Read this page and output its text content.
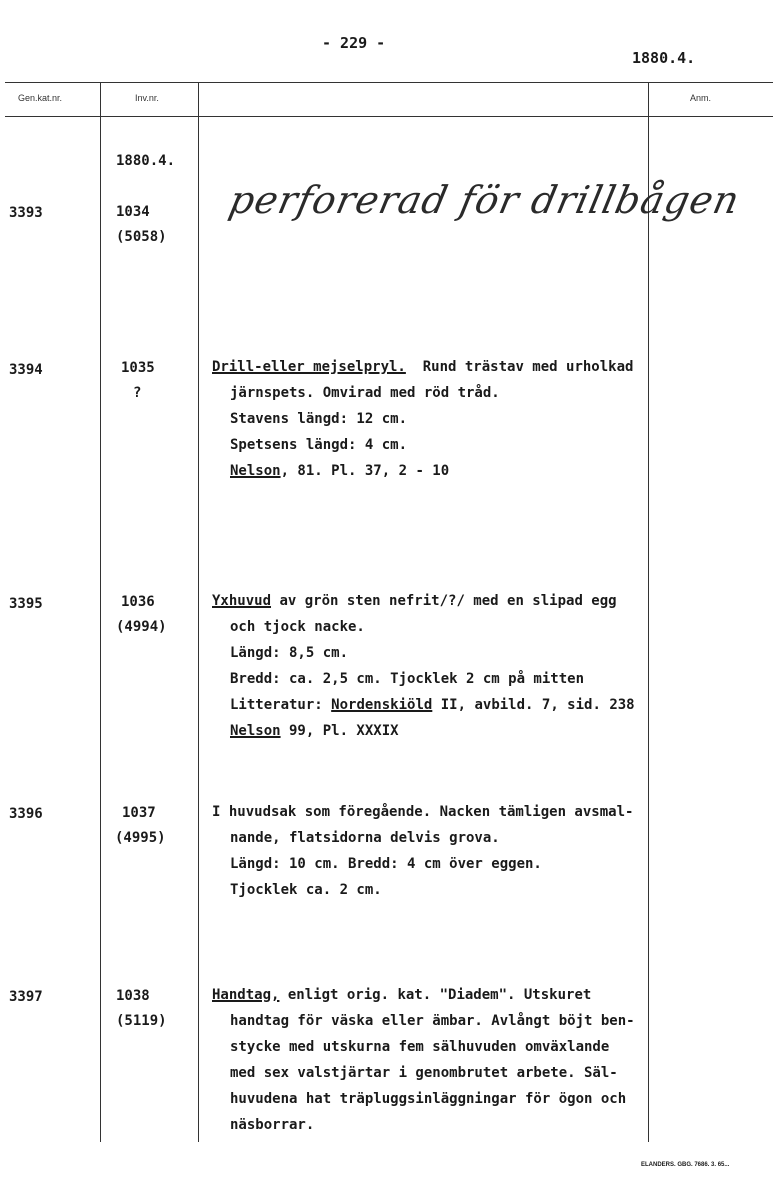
- 229 -
1880.4.
Gen.kat.nr.	Inv.nr.	Anm.
1880.4.
3393	1034
(5058)
perforerad för drillbågen
3394	1035
?
Drill-eller mejselpryl. Rund trästav med urholkad
järnspets. Omvirad med röd tråd.
Stavens längd: 12 cm.
Spetsens längd: 4 cm.
Nelson, 81. Pl. 37, 2 - 10
3395	1036
(4994)
Yxhuvud av grön sten nefrit/?/ med en slipad egg
och tjock nacke.
Längd: 8,5 cm.
Bredd: ca. 2,5 cm. Tjocklek 2 cm på mitten
Litteratur: Nordenskiöld II, avbild. 7, sid. 238
Nelson 99, Pl. XXXIX
3396	1037
(4995)
I huvudsak som föregående. Nacken tämligen avsmal-
nande, flatsidorna delvis grova.
Längd: 10 cm. Bredd: 4 cm över eggen.
Tjocklek ca. 2 cm.
3397	1038
(5119)
Handtag, enligt orig. kat. "Diadem". Utskuret
handtag för väska eller ämbar. Avlångt böjt ben-
stycke med utskurna fem sälhuvuden omväxlande
med sex valstjärtar i genombrutet arbete. Säl-
huvudena hat träpluggsinläggningar för ögon och
näsborrar.
ELANDERS. GBG. 7686. 3. 65...
